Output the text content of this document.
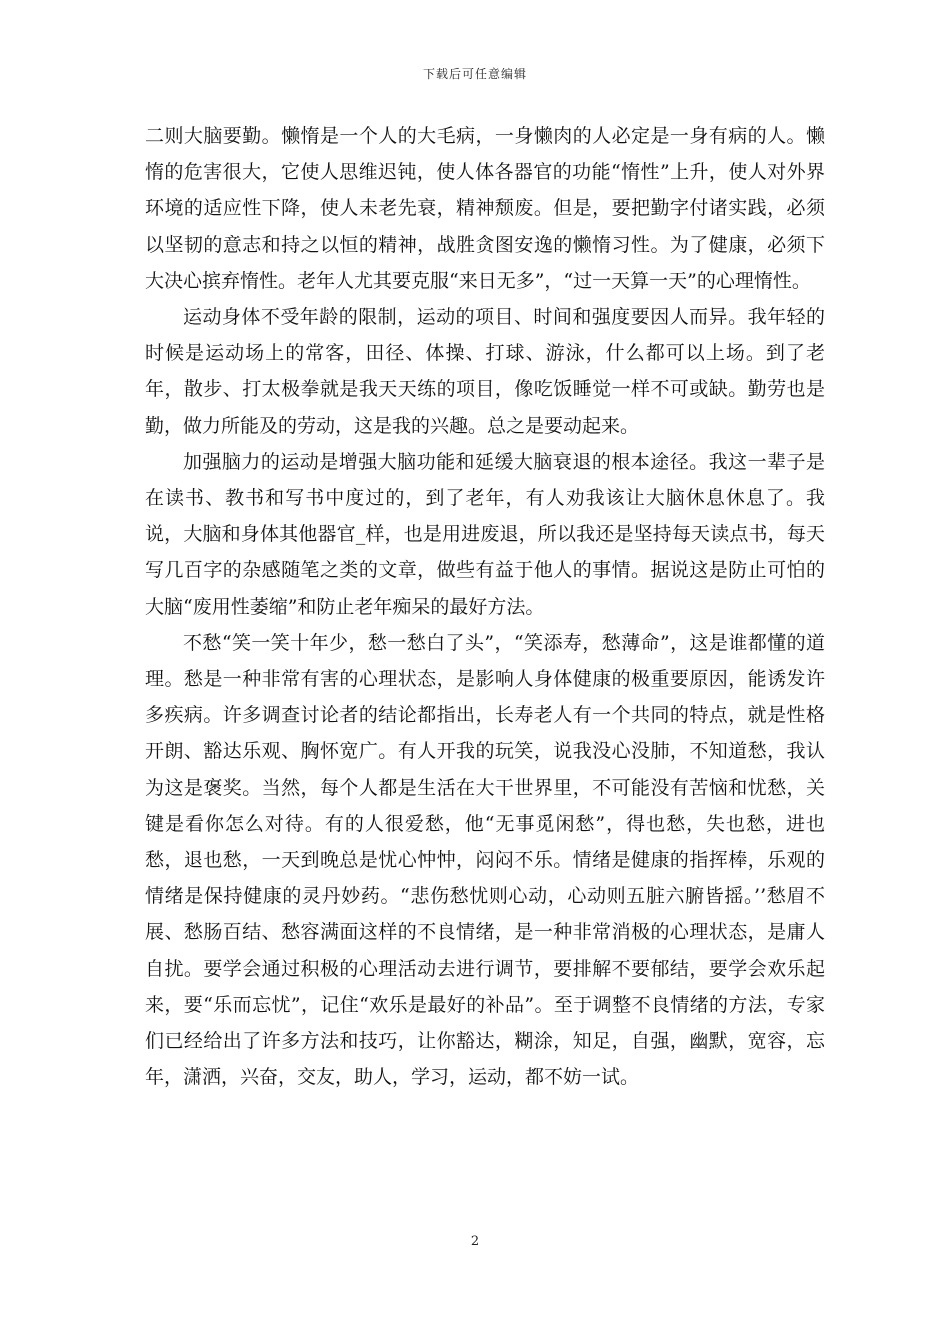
下载后可任意编辑

二则大脑要勤。懒惰是一个人的大毛病，一身懒肉的人必定是一身有病的人。懒惰的危害很大，它使人思维迟钝，使人体各器官的功能“惰性”上升，使人对外界环境的适应性下降，使人未老先衰，精神颓废。但是，要把勤字付诸实践，必须以坚韧的意志和持之以恒的精神，战胜贪图安逸的懒惰习性。为了健康，必须下大决心摈弃惰性。老年人尤其要克服“来日无多”，“过一天算一天”的心理惰性。

运动身体不受年龄的限制，运动的项目、时间和强度要因人而异。我年轻的时候是运动场上的常客，田径、体操、打球、游泳，什么都可以上场。到了老年，散步、打太极拳就是我天天练的项目，像吃饭睡觉一样不可或缺。勤劳也是勤，做力所能及的劳动，这是我的兴趣。总之是要动起来。

加强脑力的运动是增强大脑功能和延缓大脑衰退的根本途径。我这一辈子是在读书、教书和写书中度过的，到了老年，有人劝我该让大脑休息休息了。我说，大脑和身体其他器官_样，也是用进废退，所以我还是坚持每天读点书，每天写几百字的杂感随笔之类的文章，做些有益于他人的事情。据说这是防止可怕的大脑“废用性萎缩”和防止老年痴呆的最好方法。

不愁“笑一笑十年少，愁一愁白了头”，“笑添寿，愁薄命”，这是谁都懂的道理。愁是一种非常有害的心理状态，是影响人身体健康的极重要原因，能诱发许多疾病。许多调查讨论者的结论都指出，长寿老人有一个共同的特点，就是性格开朗、豁达乐观、胸怀宽广。有人开我的玩笑，说我没心没肺，不知道愁，我认为这是褒奖。当然，每个人都是生活在大干世界里，不可能没有苦恼和忧愁，关键是看你怎么对待。有的人很爱愁，他“无事觅闲愁”，得也愁，失也愁，进也愁，退也愁，一天到晚总是忧心忡忡，闷闷不乐。情绪是健康的指挥棒，乐观的情绪是保持健康的灵丹妙药。“悲伤愁忧则心动，心动则五脏六腑皆摇。’’愁眉不展、愁肠百结、愁容满面这样的不良情绪，是一种非常消极的心理状态，是庸人自扰。要学会通过积极的心理活动去进行调节，要排解不要郁结，要学会欢乐起来，要“乐而忘忧”，记住“欢乐是最好的补品”。至于调整不良情绪的方法，专家们已经给出了许多方法和技巧，让你豁达，糊涂，知足，自强，幽默，宽容，忘年，潇洒，兴奋，交友，助人，学习，运动，都不妨一试。

2
